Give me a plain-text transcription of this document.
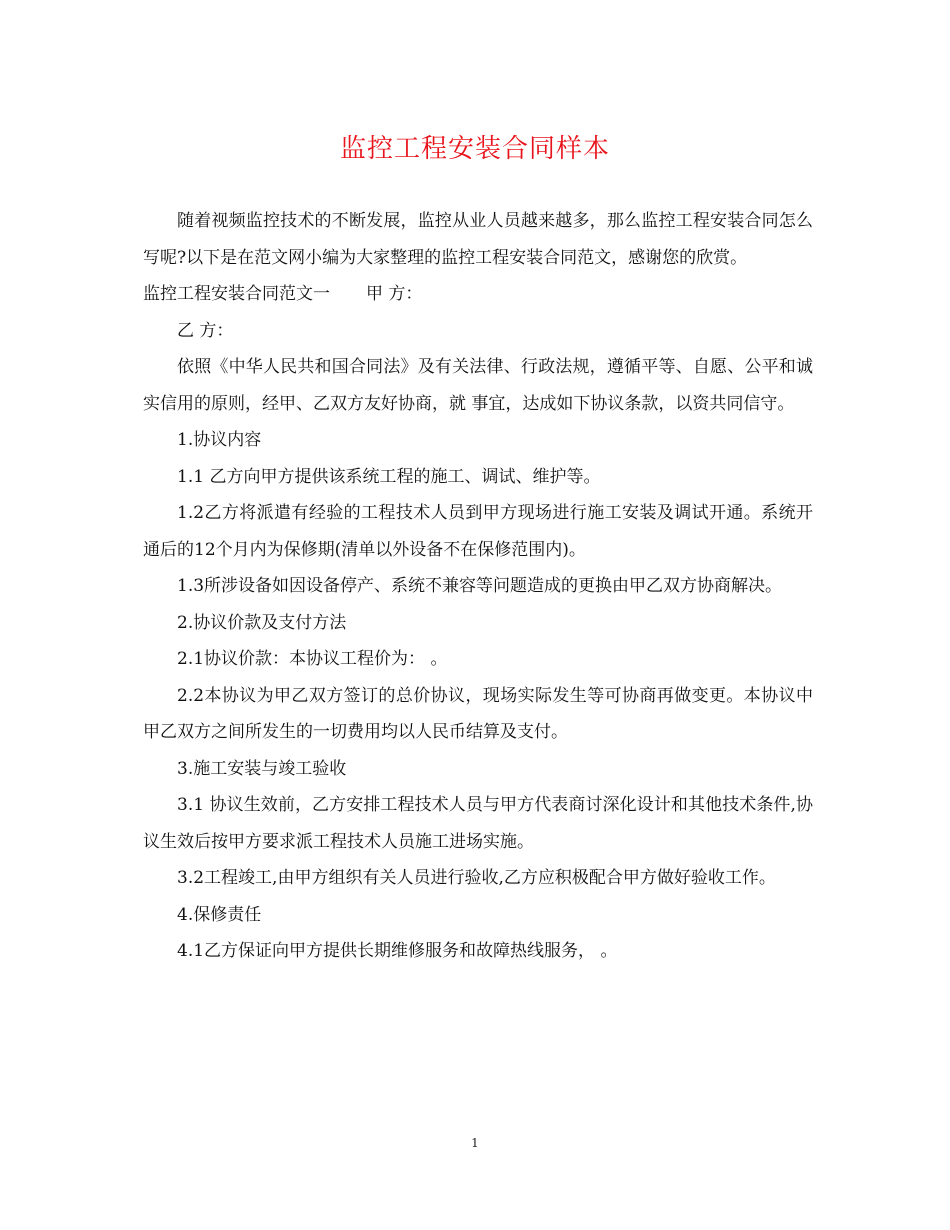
监控工程安装合同样本

随着视频监控技术的不断发展，监控从业人员越来越多，那么监控工程安装合同怎么写呢?以下是在范文网小编为大家整理的监控工程安装合同范文，感谢您的欣赏。

监控工程安装合同范文一 甲 方：

乙 方：

依照《中华人民共和国合同法》及有关法律、行政法规，遵循平等、自愿、公平和诚实信用的原则，经甲、乙双方友好协商，就 事宜，达成如下协议条款，以资共同信守。

1.协议内容

1.1 乙方向甲方提供该系统工程的施工、调试、维护等。

1.2乙方将派遣有经验的工程技术人员到甲方现场进行施工安装及调试开通。系统开通后的12个月内为保修期(清单以外设备不在保修范围内)。

1.3所涉设备如因设备停产、系统不兼容等问题造成的更换由甲乙双方协商解决。

2.协议价款及支付方法

2.1协议价款：本协议工程价为： 。

2.2本协议为甲乙双方签订的总价协议，现场实际发生等可协商再做变更。本协议中甲乙双方之间所发生的一切费用均以人民币结算及支付。

3.施工安装与竣工验收

3.1 协议生效前，乙方安排工程技术人员与甲方代表商讨深化设计和其他技术条件,协议生效后按甲方要求派工程技术人员施工进场实施。

3.2工程竣工,由甲方组织有关人员进行验收,乙方应积极配合甲方做好验收工作。

4.保修责任

4.1乙方保证向甲方提供长期维修服务和故障热线服务， 。

1
